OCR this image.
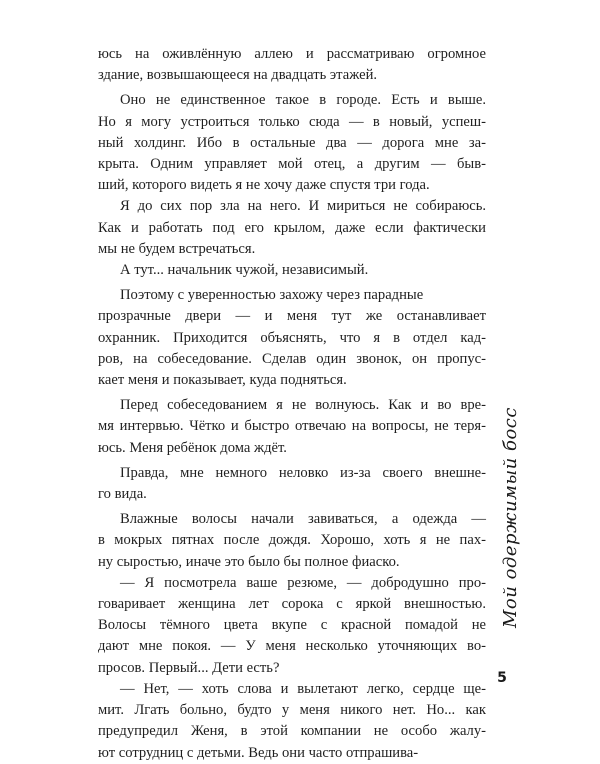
юсь на оживлённую аллею и рассматриваю огромное
здание, возвышающееся на двадцать этажей.

Оно не единственное такое в городе. Есть и выше.
Но я могу устроиться только сюда — в новый, успеш-
ный холдинг. Ибо в остальные два — дорога мне за-
крыта. Одним управляет мой отец, а другим — быв-
ший, которого видеть я не хочу даже спустя три года.

Я до сих пор зла на него. И мириться не собираюсь.
Как и работать под его крылом, даже если фактически
мы не будем встречаться.

А тут... начальник чужой, независимый.

Поэтому с уверенностью захожу через парадные
прозрачные двери — и меня тут же останавливает
охранник. Приходится объяснять, что я в отдел кад-
ров, на собеседование. Сделав один звонок, он пропус-
кает меня и показывает, куда подняться.

Перед собеседованием я не волнуюсь. Как и во вре-
мя интервью. Чётко и быстро отвечаю на вопросы, не теря-
юсь. Меня ребёнок дома ждёт.

Правда, мне немного неловко из-за своего внешне-
го вида.

Влажные волосы начали завиваться, а одежда —
в мокрых пятнах после дождя. Хорошо, хоть я не пах-
ну сыростью, иначе это было бы полное фиаско.

— Я посмотрела ваше резюме, — добродушно про-
говаривает женщина лет сорока с яркой внешностью.
Волосы тёмного цвета вкупе с красной помадой не
дают мне покоя. — У меня несколько уточняющих во-
просов. Первый... Дети есть?

— Нет, — хоть слова и вылетают легко, сердце ще-
мит. Лгать больно, будто у меня никого нет. Но... как
предупредил Женя, в этой компании не особо жалу-
ют сотрудниц с детьми. Ведь они часто отпрашива-

Мой одержимый босс
5
